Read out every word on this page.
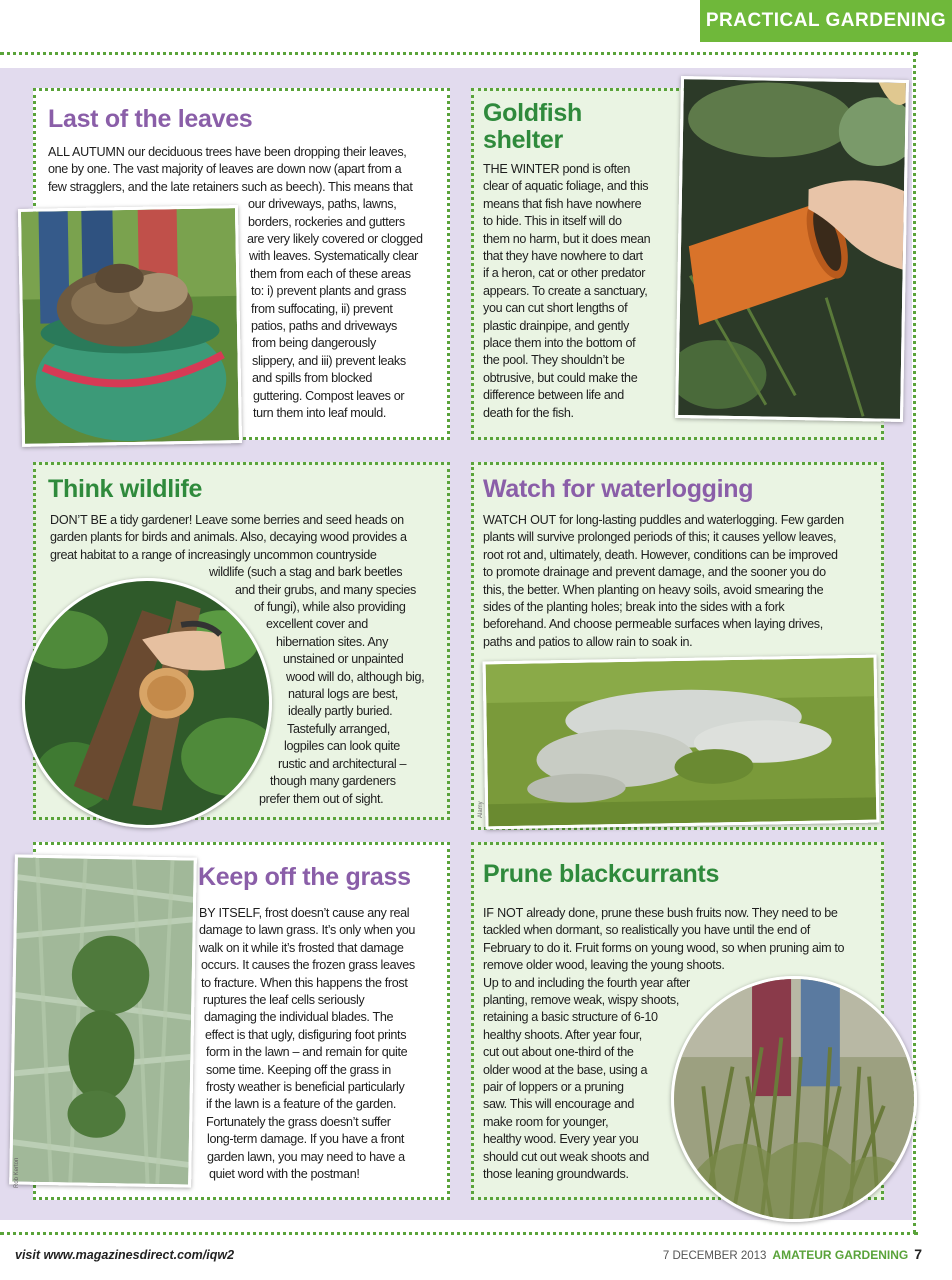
PRACTICAL GARDENING
Last of the leaves

ALL AUTUMN our deciduous trees have been dropping their leaves,

one by one. The vast majority of leaves are down now (apart from a

few stragglers, and the late retainers such as beech). This means that

our driveways, paths, lawns,

borders, rockeries and gutters

are very likely covered or clogged

with leaves. Systematically clear

them from each of these areas

to: i) prevent plants and grass

from suffocating, ii) prevent

patios, paths and driveways

from being dangerously

slippery, and iii) prevent leaks

and spills from blocked

guttering. Compost leaves or

turn them into leaf mould.

Goldfish
shelter

THE WINTER pond is often

clear of aquatic foliage, and this

means that fish have nowhere

to hide. This in itself will do

them no harm, but it does mean

that they have nowhere to dart

if a heron, cat or other predator

appears. To create a sanctuary,

you can cut short lengths of

plastic drainpipe, and gently

place them into the bottom of

the pool. They shouldn’t be

obtrusive, but could make the

difference between life and

death for the fish.

Think wildlife

DON’T BE a tidy gardener! Leave some berries and seed heads on

garden plants for birds and animals. Also, decaying wood provides a

great habitat to a range of increasingly uncommon countryside

wildlife (such a stag and bark beetles

and their grubs, and many species

of fungi), while also providing

excellent cover and

hibernation sites. Any

unstained or unpainted

wood will do, although big,

natural logs are best,

ideally partly buried.

Tastefully arranged,

logpiles can look quite

rustic and architectural –

though many gardeners

prefer them out of sight.

Watch for waterlogging

WATCH OUT for long-lasting puddles and waterlogging. Few garden

plants will survive prolonged periods of this; it causes yellow leaves,

root rot and, ultimately, death. However, conditions can be improved

to promote drainage and prevent damage, and the sooner you do

this, the better. When planting on heavy soils, avoid smearing the

sides of the planting holes; break into the sides with a fork

beforehand. And choose permeable surfaces when laying drives,

paths and patios to allow rain to soak in.

Alamy
Keep off the grass

BY ITSELF, frost doesn’t cause any real

damage to lawn grass. It’s only when you

walk on it while it’s frosted that damage

occurs. It causes the frozen grass leaves

to fracture. When this happens the frost

ruptures the leaf cells seriously

damaging the individual blades. The

effect is that ugly, disfiguring foot prints

form in the lawn – and remain for quite

some time. Keeping off the grass in

frosty weather is beneficial particularly

if the lawn is a feature of the garden.

Fortunately the grass doesn’t suffer

long-term damage. If you have a front

garden lawn, you may need to have a

quiet word with the postman!

Rob Kerton
Prune blackcurrants

IF NOT already done, prune these bush fruits now. They need to be

tackled when dormant, so realistically you have until the end of

February to do it. Fruit forms on young wood, so when pruning aim to

remove older wood, leaving the young shoots.

Up to and including the fourth year after

planting, remove weak, wispy shoots,

retaining a basic structure of 6-10

healthy shoots. After year four,

cut out about one-third of the

older wood at the base, using a

pair of loppers or a pruning

saw. This will encourage and

make room for younger,

healthy wood. Every year you

should cut out weak shoots and

those leaning groundwards.

visit www.magazinesdirect.com/iqw2	7 DECEMBER 2013 AMATEUR GARDENING 7
